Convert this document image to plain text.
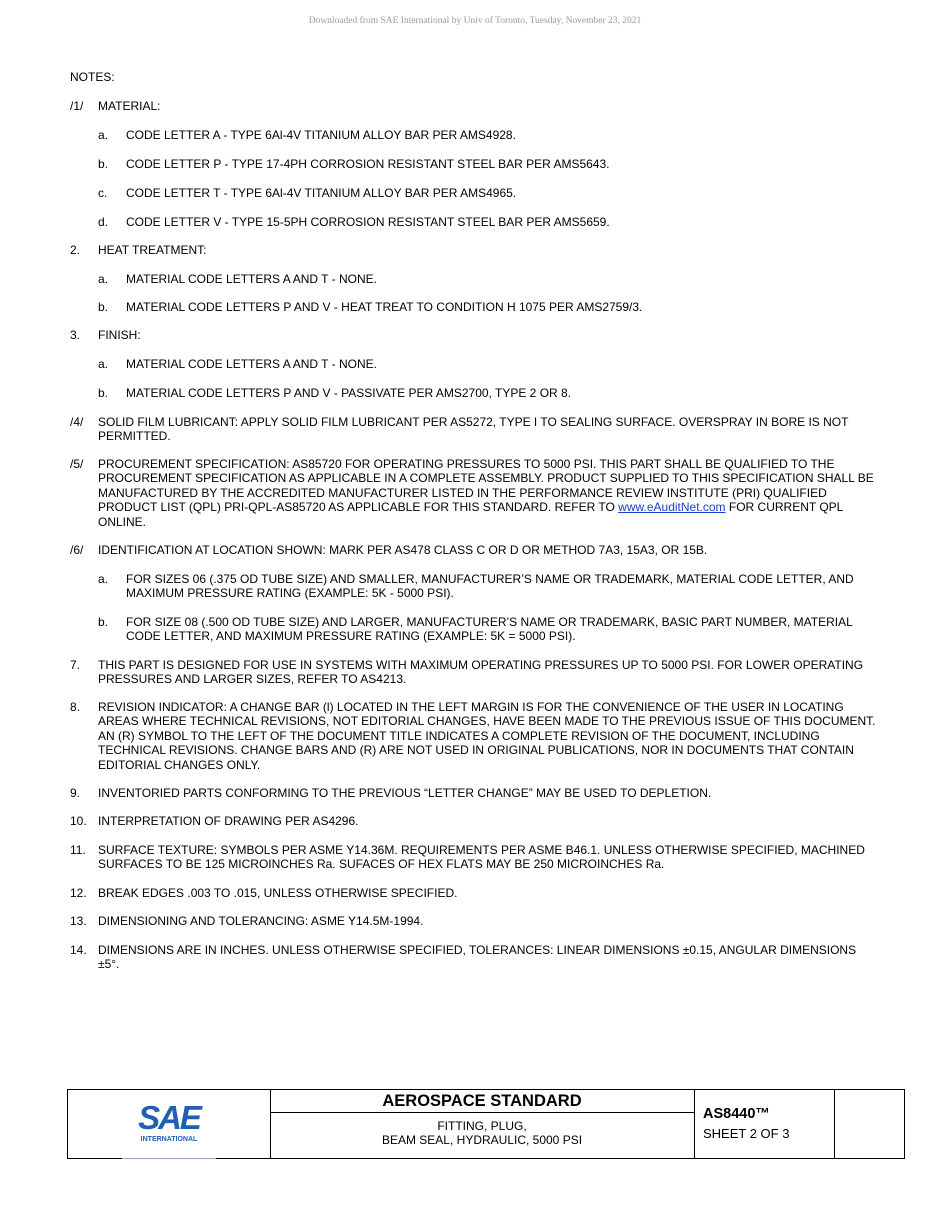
Downloaded from SAE International by Univ of Toronto, Tuesday, November 23, 2021
NOTES:
/1/ MATERIAL:
a. CODE LETTER A - TYPE 6Al-4V TITANIUM ALLOY BAR PER AMS4928.
b. CODE LETTER P - TYPE 17-4PH CORROSION RESISTANT STEEL BAR PER AMS5643.
c. CODE LETTER T - TYPE 6Al-4V TITANIUM ALLOY BAR PER AMS4965.
d. CODE LETTER V - TYPE 15-5PH CORROSION RESISTANT STEEL BAR PER AMS5659.
2. HEAT TREATMENT:
a. MATERIAL CODE LETTERS A AND T - NONE.
b. MATERIAL CODE LETTERS P AND V - HEAT TREAT TO CONDITION H 1075 PER AMS2759/3.
3. FINISH:
a. MATERIAL CODE LETTERS A AND T - NONE.
b. MATERIAL CODE LETTERS P AND V - PASSIVATE PER AMS2700, TYPE 2 OR 8.
/4/ SOLID FILM LUBRICANT: APPLY SOLID FILM LUBRICANT PER AS5272, TYPE I TO SEALING SURFACE. OVERSPRAY IN BORE IS NOT PERMITTED.
/5/ PROCUREMENT SPECIFICATION: AS85720 FOR OPERATING PRESSURES TO 5000 PSI. THIS PART SHALL BE QUALIFIED TO THE PROCUREMENT SPECIFICATION AS APPLICABLE IN A COMPLETE ASSEMBLY. PRODUCT SUPPLIED TO THIS SPECIFICATION SHALL BE MANUFACTURED BY THE ACCREDITED MANUFACTURER LISTED IN THE PERFORMANCE REVIEW INSTITUTE (PRI) QUALIFIED PRODUCT LIST (QPL) PRI-QPL-AS85720 AS APPLICABLE FOR THIS STANDARD. REFER TO www.eAuditNet.com FOR CURRENT QPL ONLINE.
/6/ IDENTIFICATION AT LOCATION SHOWN: MARK PER AS478 CLASS C OR D OR METHOD 7A3, 15A3, OR 15B.
a. FOR SIZES 06 (.375 OD TUBE SIZE) AND SMALLER, MANUFACTURER’S NAME OR TRADEMARK, MATERIAL CODE LETTER, AND MAXIMUM PRESSURE RATING (EXAMPLE: 5K - 5000 PSI).
b. FOR SIZE 08 (.500 OD TUBE SIZE) AND LARGER, MANUFACTURER’S NAME OR TRADEMARK, BASIC PART NUMBER, MATERIAL CODE LETTER, AND MAXIMUM PRESSURE RATING (EXAMPLE: 5K = 5000 PSI).
7. THIS PART IS DESIGNED FOR USE IN SYSTEMS WITH MAXIMUM OPERATING PRESSURES UP TO 5000 PSI. FOR LOWER OPERATING PRESSURES AND LARGER SIZES, REFER TO AS4213.
8. REVISION INDICATOR: A CHANGE BAR (l) LOCATED IN THE LEFT MARGIN IS FOR THE CONVENIENCE OF THE USER IN LOCATING AREAS WHERE TECHNICAL REVISIONS, NOT EDITORIAL CHANGES, HAVE BEEN MADE TO THE PREVIOUS ISSUE OF THIS DOCUMENT. AN (R) SYMBOL TO THE LEFT OF THE DOCUMENT TITLE INDICATES A COMPLETE REVISION OF THE DOCUMENT, INCLUDING TECHNICAL REVISIONS. CHANGE BARS AND (R) ARE NOT USED IN ORIGINAL PUBLICATIONS, NOR IN DOCUMENTS THAT CONTAIN EDITORIAL CHANGES ONLY.
9. INVENTORIED PARTS CONFORMING TO THE PREVIOUS “LETTER CHANGE” MAY BE USED TO DEPLETION.
10. INTERPRETATION OF DRAWING PER AS4296.
11. SURFACE TEXTURE: SYMBOLS PER ASME Y14.36M. REQUIREMENTS PER ASME B46.1. UNLESS OTHERWISE SPECIFIED, MACHINED SURFACES TO BE 125 MICROINCHES Ra. SUFACES OF HEX FLATS MAY BE 250 MICROINCHES Ra.
12. BREAK EDGES .003 TO .015, UNLESS OTHERWISE SPECIFIED.
13. DIMENSIONING AND TOLERANCING: ASME Y14.5M-1994.
14. DIMENSIONS ARE IN INCHES. UNLESS OTHERWISE SPECIFIED, TOLERANCES: LINEAR DIMENSIONS ±0.15, ANGULAR DIMENSIONS ±5°.
SAE
INTERNATIONAL
AEROSPACE STANDARD
FITTING, PLUG,
BEAM SEAL, HYDRAULIC, 5000 PSI
AS8440™
SHEET 2 OF 3
